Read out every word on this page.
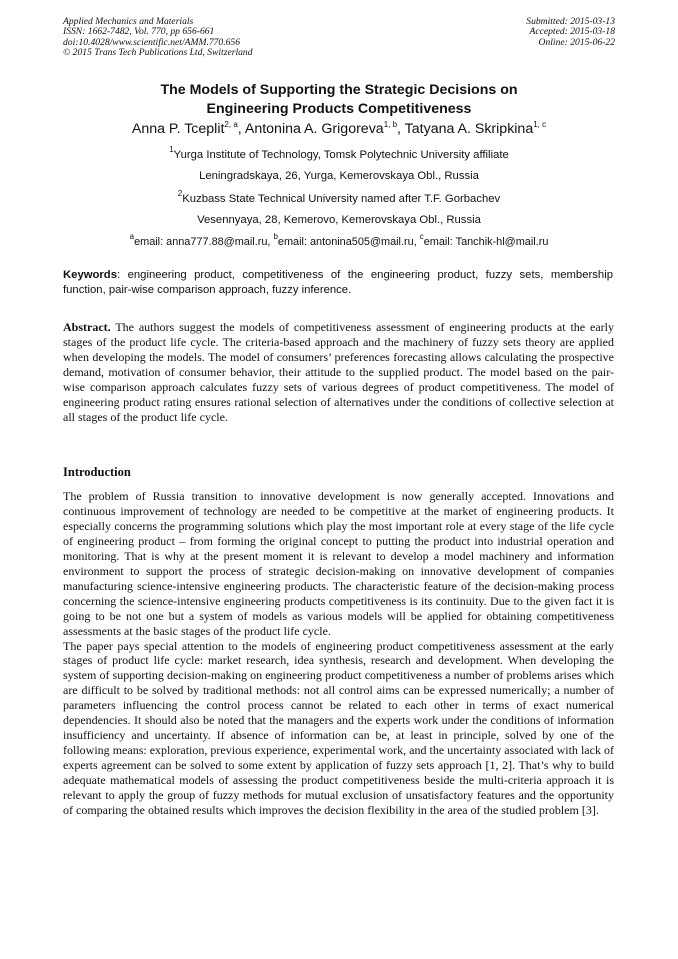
Applied Mechanics and Materials
ISSN: 1662-7482, Vol. 770, pp 656-661
doi:10.4028/www.scientific.net/AMM.770.656
© 2015 Trans Tech Publications Ltd, Switzerland
Submitted: 2015-03-13
Accepted: 2015-03-18
Online: 2015-06-22
The Models of Supporting the Strategic Decisions on
Engineering Products Competitiveness
Anna P. Tceplit$^{2, a}$, Antonina A. Grigoreva$^{1, b}$, Tatyana A. Skripkina$^{1, c}$
$^1$Yurga Institute of Technology, Tomsk Polytechnic University affiliate
Leningradskaya, 26, Yurga, Kemerovskaya Obl., Russia
$^2$Kuzbass State Technical University named after T.F. Gorbachev
Vesennyaya, 28, Kemerovo, Kemerovskaya Obl., Russia
$^a$email: anna777.88@mail.ru, $^b$email: antonina505@mail.ru, $^c$email: Tanchik-hl@mail.ru
Keywords: engineering product, competitiveness of the engineering product, fuzzy sets, membership function, pair-wise comparison approach, fuzzy inference.
Abstract. The authors suggest the models of competitiveness assessment of engineering products at the early stages of the product life cycle. The criteria-based approach and the machinery of fuzzy sets theory are applied when developing the models. The model of consumers’ preferences forecasting allows calculating the prospective demand, motivation of consumer behavior, their attitude to the supplied product. The model based on the pair-wise comparison approach calculates fuzzy sets of various degrees of product competitiveness. The model of engineering product rating ensures rational selection of alternatives under the conditions of collective selection at all stages of the product life cycle.
Introduction

The problem of Russia transition to innovative development is now generally accepted. Innovations and continuous improvement of technology are needed to be competitive at the market of engineering products. It especially concerns the programming solutions which play the most important role at every stage of the life cycle of engineering product – from forming the original concept to putting the product into industrial operation and monitoring. That is why at the present moment it is relevant to develop a model machinery and information environment to support the process of strategic decision-making on innovative development of companies manufacturing science-intensive engineering products. The characteristic feature of the decision-making process concerning the science-intensive engineering products competitiveness is its continuity. Due to the given fact it is going to be not one but a system of models as various models will be applied for obtaining competitiveness assessments at the basic stages of the product life cycle.

The paper pays special attention to the models of engineering product competitiveness assessment at the early stages of product life cycle: market research, idea synthesis, research and development. When developing the system of supporting decision-making on engineering product competitiveness a number of problems arises which are difficult to be solved by traditional methods: not all control aims can be expressed numerically; a number of parameters influencing the control process cannot be related to each other in terms of exact numerical dependencies. It should also be noted that the managers and the experts work under the conditions of information insufficiency and uncertainty. If absence of information can be, at least in principle, solved by one of the following means: exploration, previous experience, experimental work, and the uncertainty associated with lack of experts agreement can be solved to some extent by application of fuzzy sets approach [1, 2]. That’s why to build adequate mathematical models of assessing the product competitiveness beside the multi-criteria approach it is relevant to apply the group of fuzzy methods for mutual exclusion of unsatisfactory features and the opportunity of comparing the obtained results which improves the decision flexibility in the area of the studied problem [3].
